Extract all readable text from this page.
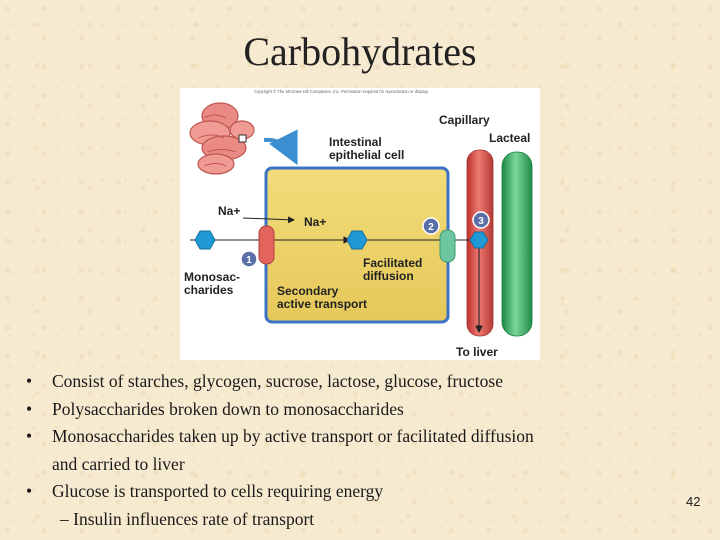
Carbohydrates
Copyright © The McGraw-Hill Companies, Inc. Permission required for reproduction or display.
1
2
3
Intestinal
epithelial cell
Capillary
Lacteal
Na+
Na+
Monosac-
charides
Facilitated
diffusion
Secondary
active transport
To liver
• Consist of starches, glycogen, sucrose, lactose, glucose, fructose
• Polysaccharides broken down to monosaccharides
• Monosaccharides taken up by active transport or facilitated diffusion
and carried to liver
• Glucose is transported to cells requiring energy
– Insulin influences rate of transport
42
